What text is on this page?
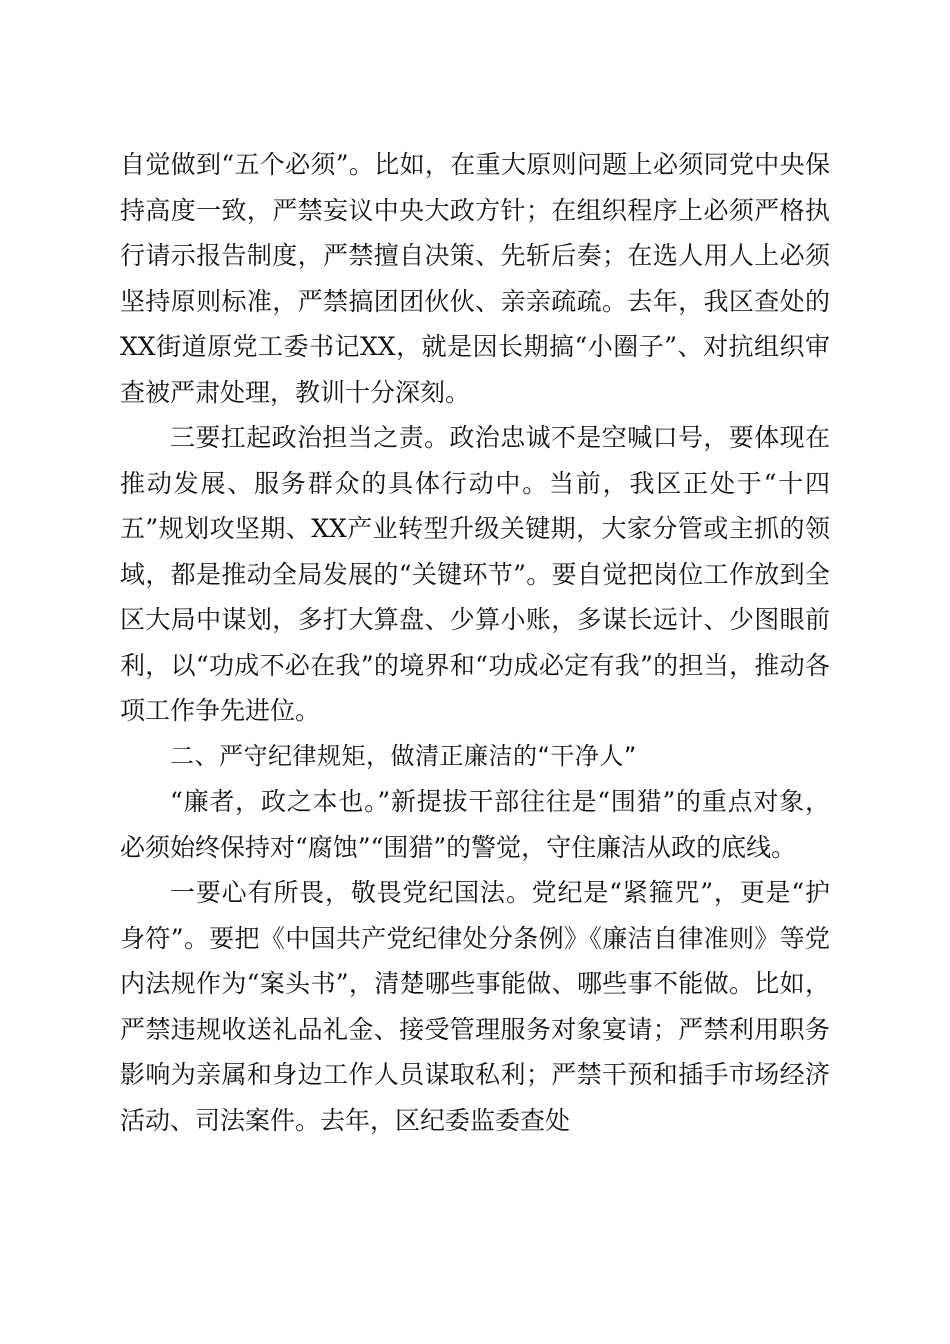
自觉做到“五个必须”。比如，在重大原则问题上必须同党中央保持高度一致，严禁妄议中央大政方针；在组织程序上必须严格执行请示报告制度，严禁擅自决策、先斩后奏；在选人用人上必须坚持原则标准，严禁搞团团伙伙、亲亲疏疏。去年，我区查处的XX街道原党工委书记XX，就是因长期搞“小圈子”、对抗组织审查被严肃处理，教训十分深刻。

三要扛起政治担当之责。政治忠诚不是空喊口号，要体现在推动发展、服务群众的具体行动中。当前，我区正处于“十四五”规划攻坚期、XX产业转型升级关键期，大家分管或主抓的领域，都是推动全局发展的“关键环节”。要自觉把岗位工作放到全区大局中谋划，多打大算盘、少算小账，多谋长远计、少图眼前利，以“功成不必在我”的境界和“功成必定有我”的担当，推动各项工作争先进位。

二、严守纪律规矩，做清正廉洁的“干净人”

“廉者，政之本也。”新提拔干部往往是“围猎”的重点对象，必须始终保持对“腐蚀”“围猎”的警觉，守住廉洁从政的底线。

一要心有所畏，敬畏党纪国法。党纪是“紧箍咒”，更是“护身符”。要把《中国共产党纪律处分条例》《廉洁自律准则》等党内法规作为“案头书”，清楚哪些事能做、哪些事不能做。比如，严禁违规收送礼品礼金、接受管理服务对象宴请；严禁利用职务影响为亲属和身边工作人员谋取私利；严禁干预和插手市场经济活动、司法案件。去年，区纪委监委查处
